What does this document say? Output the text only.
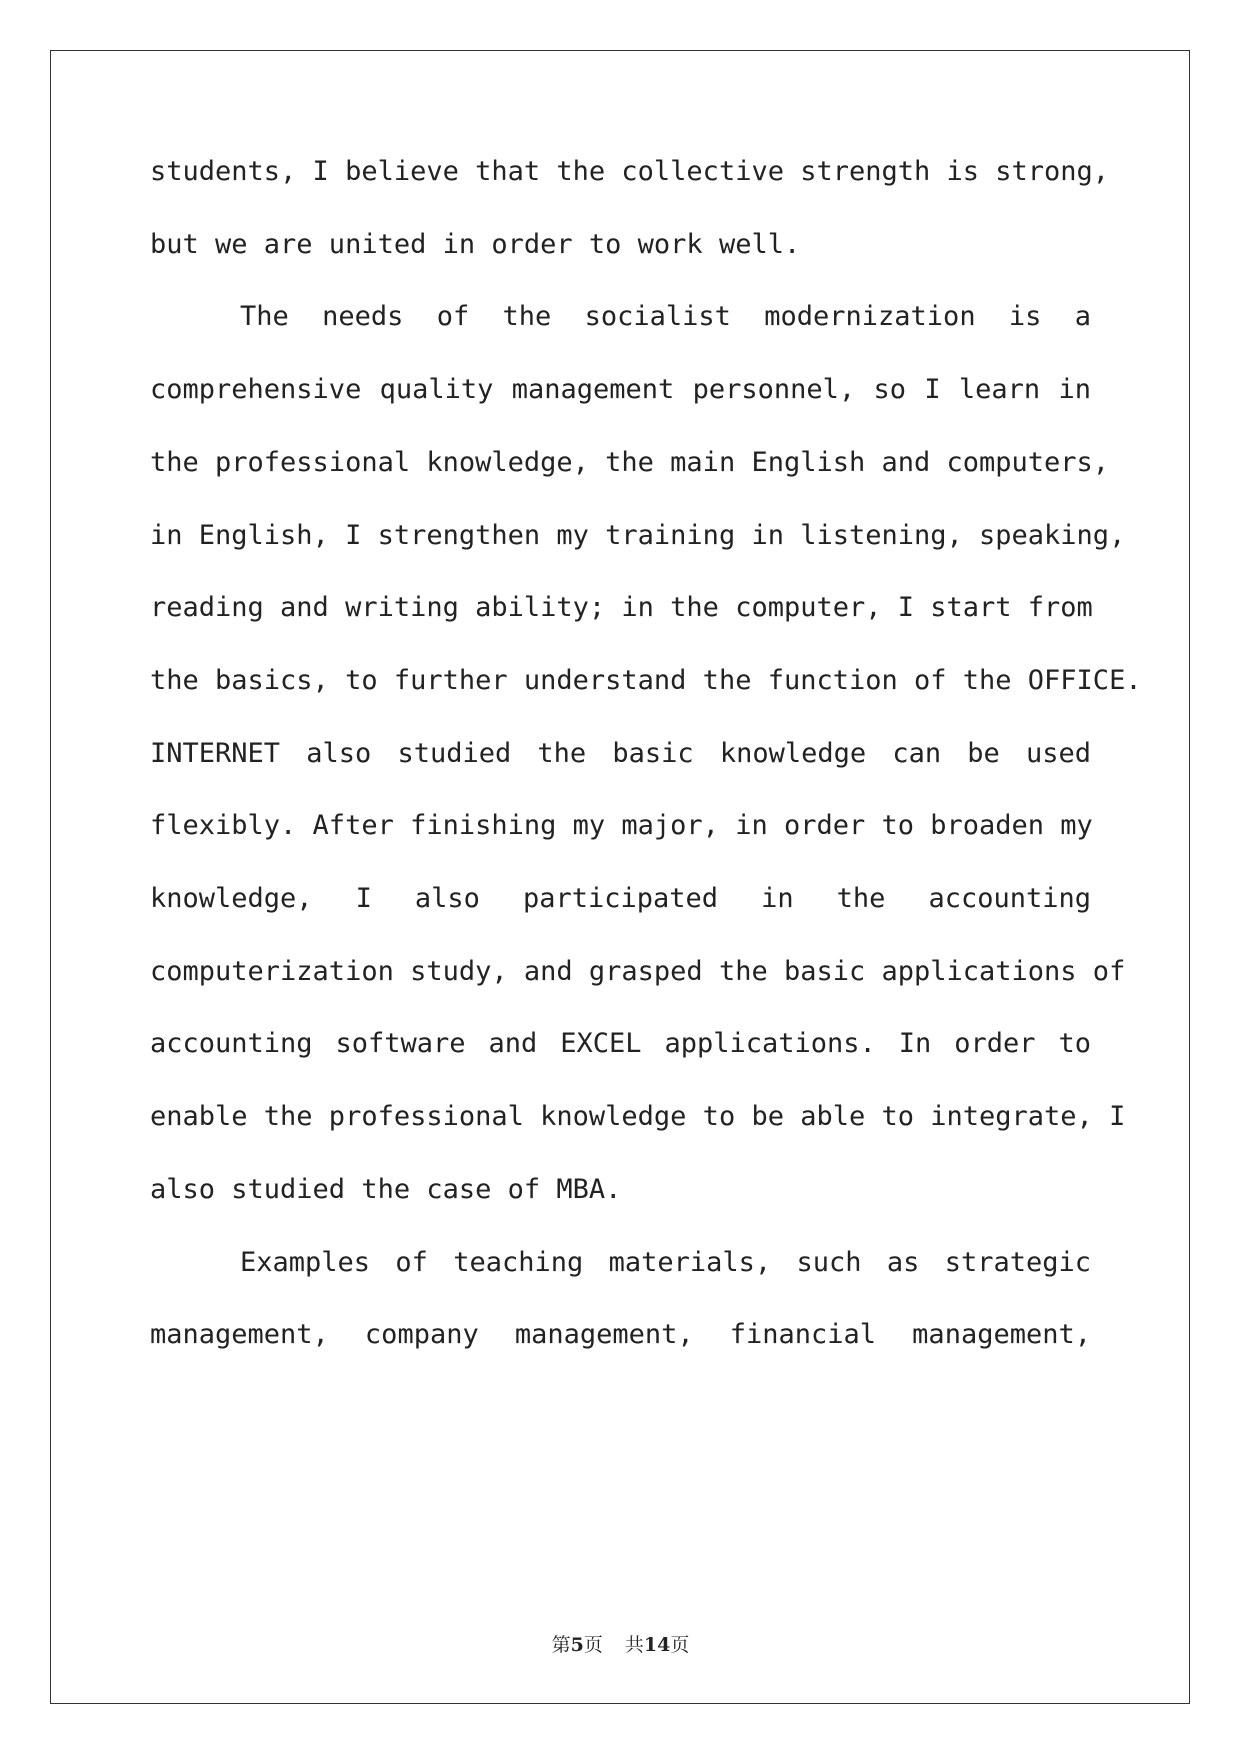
students, I believe that the collective strength is strong,

but we are united in order to work well.

The needs of the socialist modernization is a

comprehensive quality management personnel, so I learn in

the professional knowledge, the main English and computers,

in English, I strengthen my training in listening, speaking,

reading and writing ability; in the computer, I start from

the basics, to further understand the function of the OFFICE.

INTERNET also studied the basic knowledge can be used

flexibly. After finishing my major, in order to broaden my

knowledge, I also participated in the accounting

computerization study, and grasped the basic applications of

accounting software and EXCEL applications. In order to

enable the professional knowledge to be able to integrate, I

also studied the case of MBA.

Examples of teaching materials, such as strategic

management, company management, financial management,

第5页 共14页
